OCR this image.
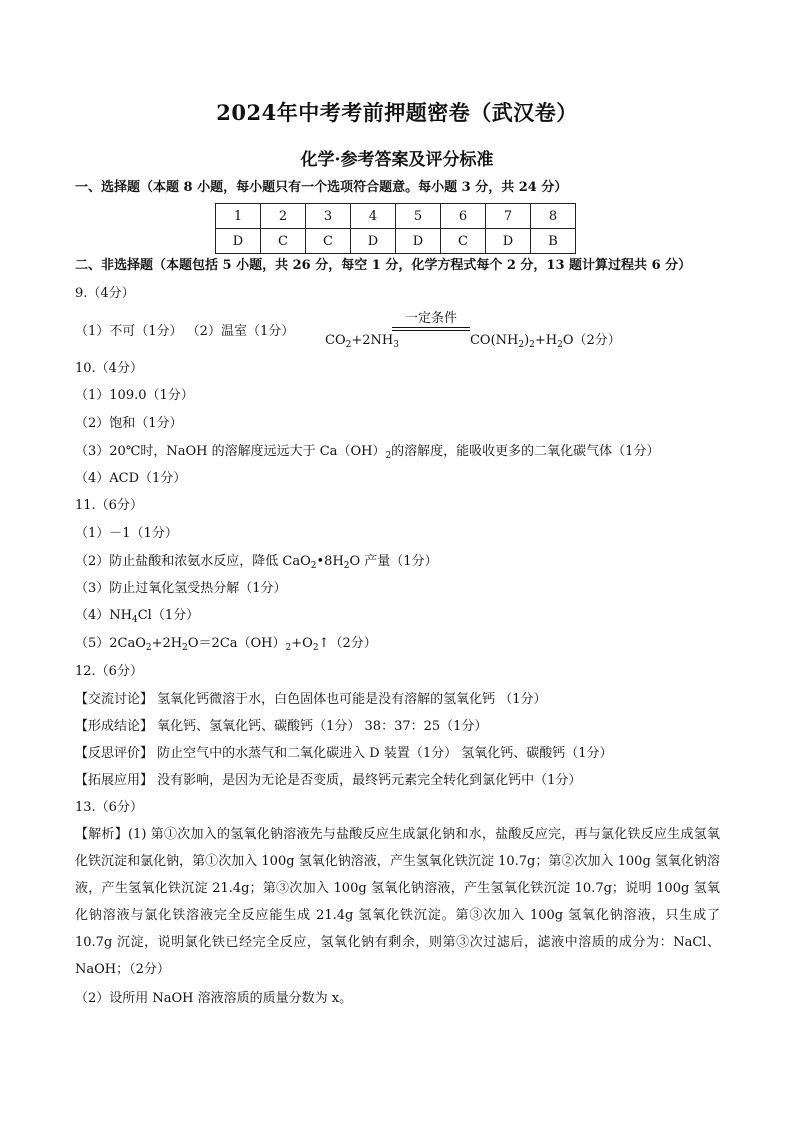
2024年中考考前押题密卷（武汉卷）
化学·参考答案及评分标准
一、选择题（本题 8 小题，每小题只有一个选项符合题意。每小题 3 分，共 24 分）
1	2	3	4	5	6	7	8
D	C	C	D	D	C	D	B
二、非选择题（本题包括 5 小题，共 26 分，每空 1 分，化学方程式每个 2 分，13 题计算过程共 6 分）
9.（4分）
（1）不可（1分） （2）温室（1分）
一定条件
$CO_2+2NH_3$	$CO(NH_2)_2+H_2O(2$分）
10.（4分）
（1）109.0（1分）
（2）饱和（1分）
（3）20℃时，NaOH 的溶解度远远大于 $Ca(OH)_2$的溶解度，能吸收更多的二氧化碳气体（1分）
（4）ACD（1分）
11.（6分）
（1）－1（1分）
（2）防止盐酸和浓氨水反应，降低 $CaO_2•8H_2O$ 产量（1分）
（3）防止过氧化氢受热分解（1分）
$(4)NH_4Cl(1$分）
$(5)2CaO_2+2H_2O=2Ca(OH)_2+O_2↑(2$分）
12.（6分）
【交流讨论】 氢氧化钙微溶于水，白色固体也可能是没有溶解的氢氧化钙 （1分）
【形成结论】 氧化钙、氢氧化钙、碳酸钙（1分） 38：37：25（1分）
【反思评价】 防止空气中的水蒸气和二氧化碳进入 D 装置（1分） 氢氧化钙、碳酸钙（1分）
【拓展应用】 没有影响，是因为无论是否变质，最终钙元素完全转化到氯化钙中（1分）
13.（6分）
【解析】(1) 第①次加入的氢氧化钠溶液先与盐酸反应生成氯化钠和水，盐酸反应完，再与氯化铁反应生成氢氧化铁沉淀和氯化钠，第①次加入 100g 氢氧化钠溶液，产生氢氧化铁沉淀 10.7g；第②次加入 100g 氢氧化钠溶液，产生氢氧化铁沉淀 21.4g；第③次加入 100g 氢氧化钠溶液，产生氢氧化铁沉淀 10.7g；说明 100g 氢氧化钠溶液与氯化铁溶液完全反应能生成 21.4g 氢氧化铁沉淀。第③次加入 100g 氢氧化钠溶液，只生成了 10.7g 沉淀，说明氯化铁已经完全反应，氢氧化钠有剩余，则第③次过滤后，滤液中溶质的成分为：NaCl、NaOH；（2分）
（2）设所用 NaOH 溶液溶质的质量分数为 x。
